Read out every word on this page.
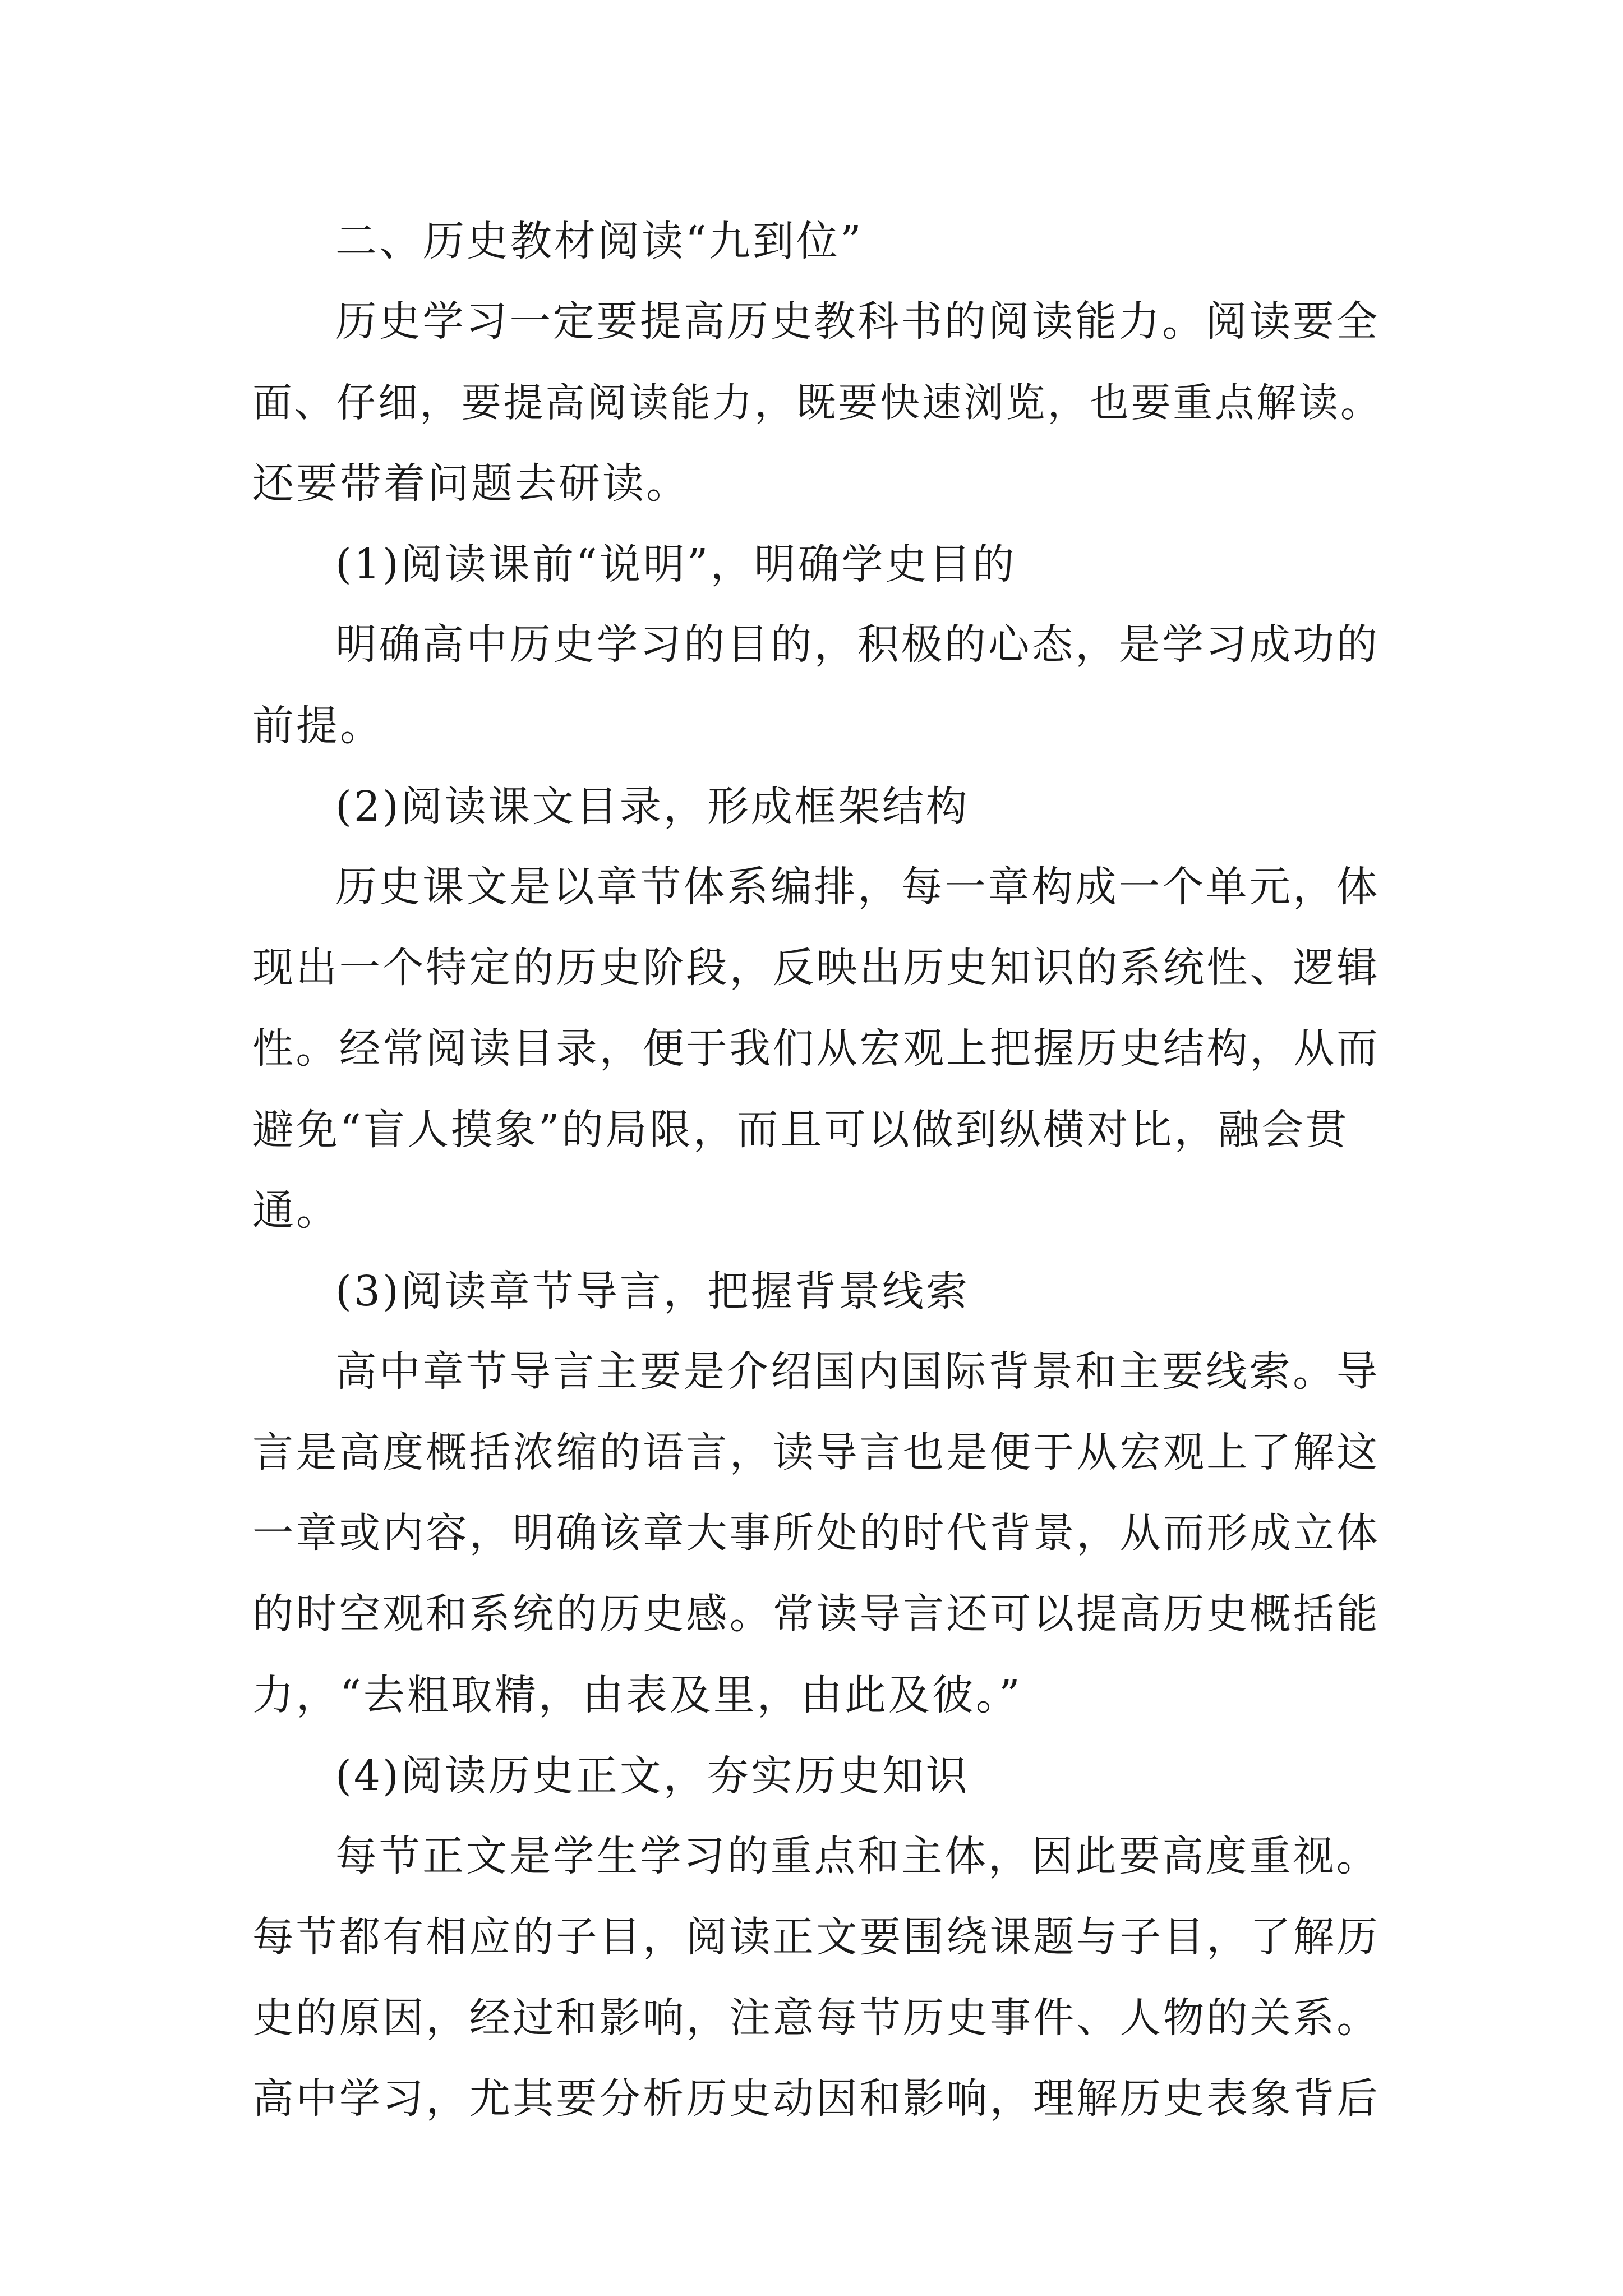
二、历史教材阅读“九到位”
历史学习一定要提高历史教科书的阅读能力。阅读要全
面、仔细，要提高阅读能力，既要快速浏览，也要重点解读。
还要带着问题去研读。
(1)阅读课前“说明”，明确学史目的
明确高中历史学习的目的，积极的心态，是学习成功的
前提。
(2)阅读课文目录，形成框架结构
历史课文是以章节体系编排，每一章构成一个单元，体
现出一个特定的历史阶段，反映出历史知识的系统性、逻辑
性。经常阅读目录，便于我们从宏观上把握历史结构，从而
避免“盲人摸象”的局限，而且可以做到纵横对比，融会贯
通。
(3)阅读章节导言，把握背景线索
高中章节导言主要是介绍国内国际背景和主要线索。导
言是高度概括浓缩的语言，读导言也是便于从宏观上了解这
一章或内容，明确该章大事所处的时代背景，从而形成立体
的时空观和系统的历史感。常读导言还可以提高历史概括能
力，“去粗取精，由表及里，由此及彼。”
(4)阅读历史正文，夯实历史知识
每节正文是学生学习的重点和主体，因此要高度重视。
每节都有相应的子目，阅读正文要围绕课题与子目，了解历
史的原因，经过和影响，注意每节历史事件、人物的关系。
高中学习，尤其要分析历史动因和影响，理解历史表象背后
